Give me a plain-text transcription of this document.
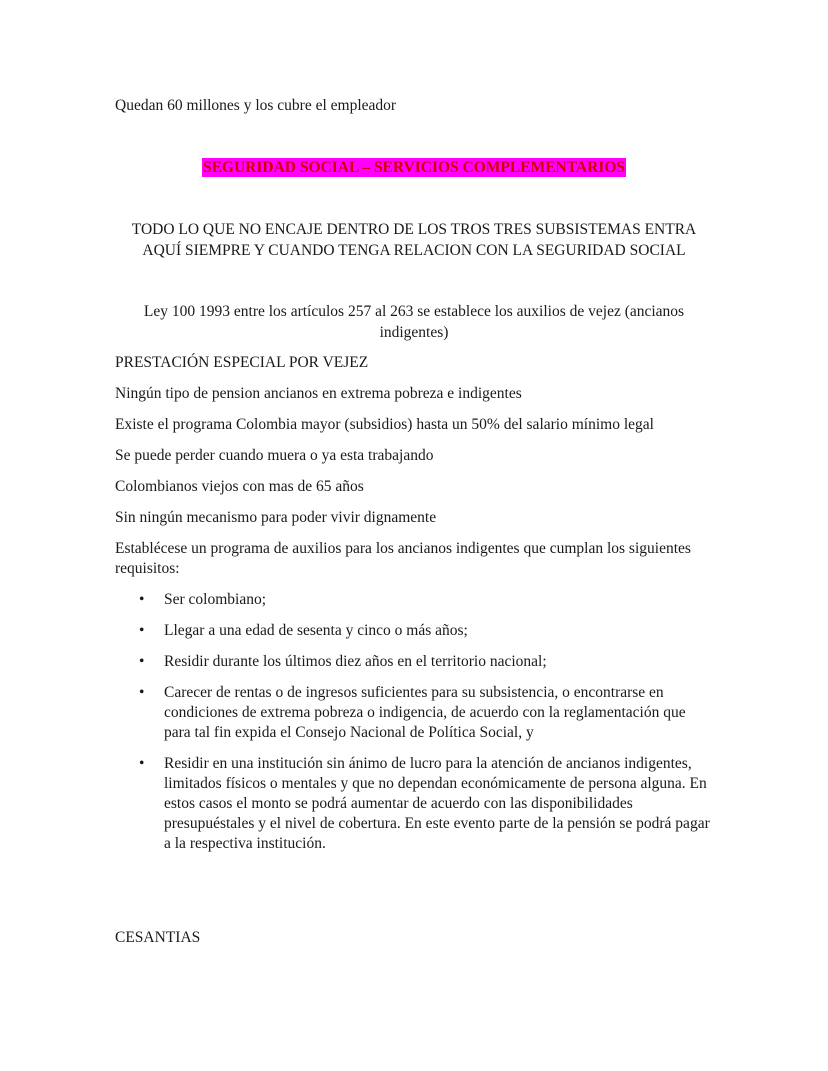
Quedan 60 millones y los cubre el empleador

SEGURIDAD SOCIAL – SERVICIOS COMPLEMENTARIOS

TODO LO QUE NO ENCAJE DENTRO DE LOS TROS TRES SUBSISTEMAS ENTRA
AQUÍ SIEMPRE Y CUANDO TENGA RELACION CON LA SEGURIDAD SOCIAL
Ley 100 1993 entre los artículos 257 al 263 se establece los auxilios de vejez (ancianos
indigentes)

PRESTACIÓN ESPECIAL POR VEJEZ

Ningún tipo de pension ancianos en extrema pobreza e indigentes

Existe el programa Colombia mayor (subsidios) hasta un 50% del salario mínimo legal

Se puede perder cuando muera o ya esta trabajando

Colombianos viejos con mas de 65 años

Sin ningún mecanismo para poder vivir dignamente

Establécese un programa de auxilios para los ancianos indigentes que cumplan los siguientes requisitos:

• Ser colombiano;
• Llegar a una edad de sesenta y cinco o más años;
• Residir durante los últimos diez años en el territorio nacional;
• Carecer de rentas o de ingresos suficientes para su subsistencia, o encontrarse en condiciones de extrema pobreza o indigencia, de acuerdo con la reglamentación que para tal fin expida el Consejo Nacional de Política Social, y
• Residir en una institución sin ánimo de lucro para la atención de ancianos indigentes, limitados físicos o mentales y que no dependan económicamente de persona alguna. En estos casos el monto se podrá aumentar de acuerdo con las disponibilidades presupuéstales y el nivel de cobertura. En este evento parte de la pensión se podrá pagar a la respectiva institución.

CESANTIAS
